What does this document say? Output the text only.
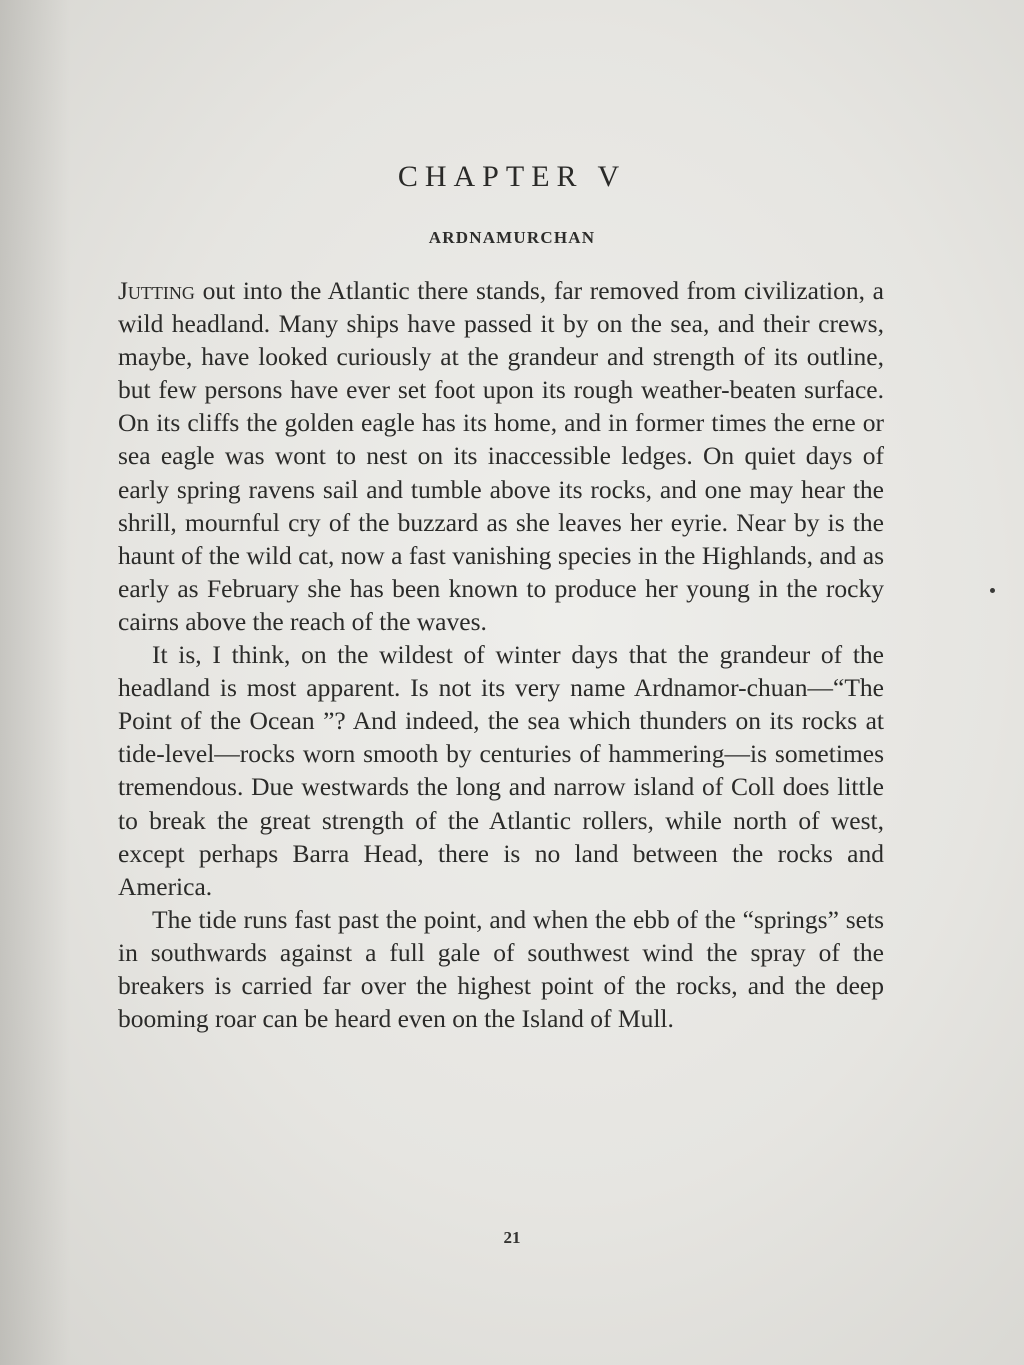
CHAPTER V
ARDNAMURCHAN

Jutting out into the Atlantic there stands, far removed from civilization, a wild headland. Many ships have passed it by on the sea, and their crews, maybe, have looked curiously at the grandeur and strength of its outline, but few persons have ever set foot upon its rough weather-beaten surface. On its cliffs the golden eagle has its home, and in former times the erne or sea eagle was wont to nest on its inaccessible ledges. On quiet days of early spring ravens sail and tumble above its rocks, and one may hear the shrill, mournful cry of the buzzard as she leaves her eyrie. Near by is the haunt of the wild cat, now a fast vanishing species in the Highlands, and as early as February she has been known to produce her young in the rocky cairns above the reach of the waves.

It is, I think, on the wildest of winter days that the grandeur of the headland is most apparent. Is not its very name Ardnamor-chuan—“The Point of the Ocean ”? And indeed, the sea which thunders on its rocks at tide-level—rocks worn smooth by centuries of hammering—is sometimes tremendous. Due westwards the long and narrow island of Coll does little to break the great strength of the Atlantic rollers, while north of west, except perhaps Barra Head, there is no land between the rocks and America.

The tide runs fast past the point, and when the ebb of the “springs” sets in southwards against a full gale of southwest wind the spray of the breakers is carried far over the highest point of the rocks, and the deep booming roar can be heard even on the Island of Mull.

21
